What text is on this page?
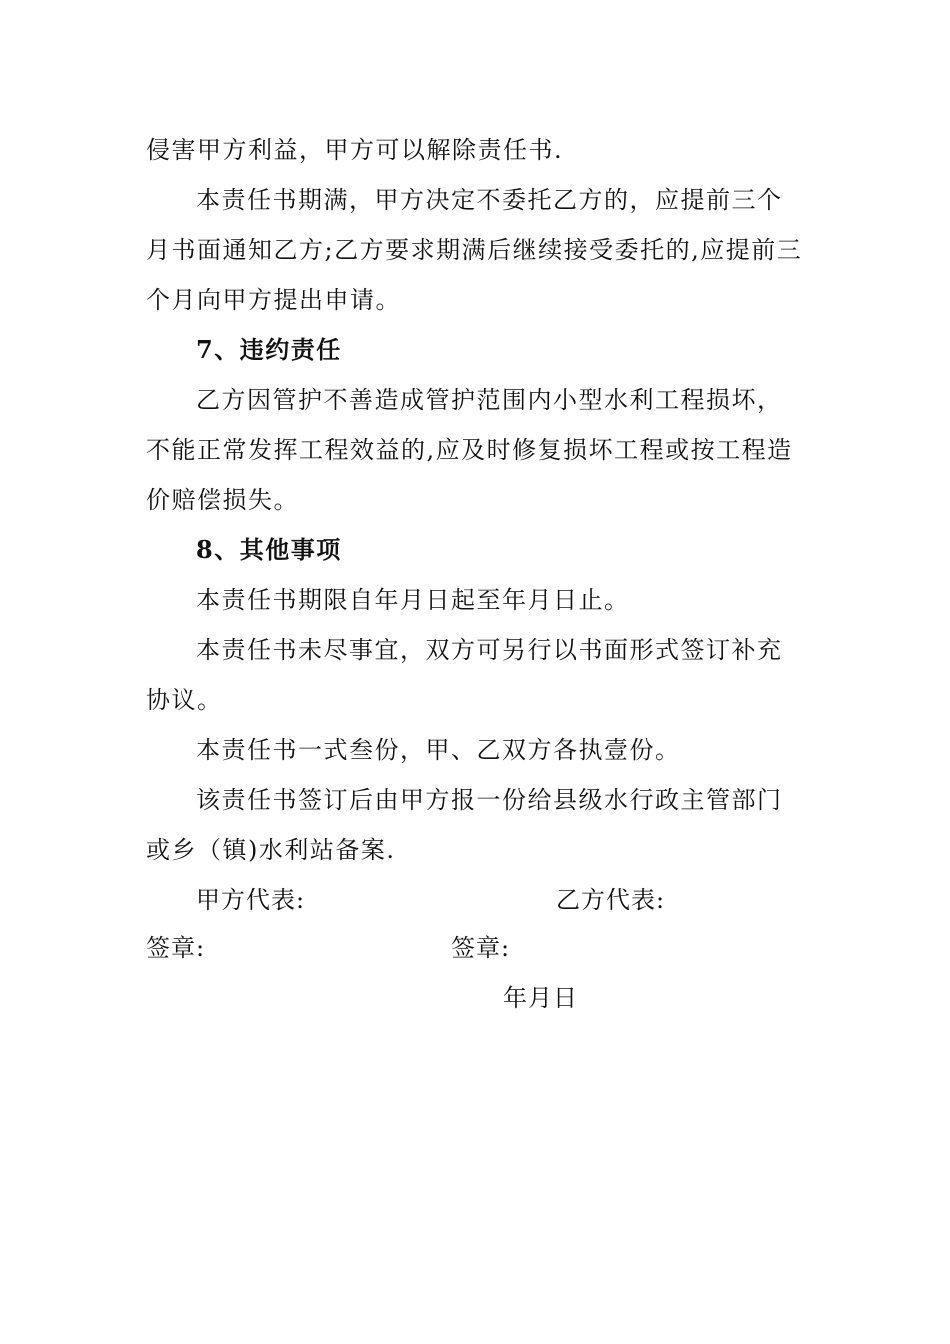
侵害甲方利益，甲方可以解除责任书.
本责任书期满，甲方决定不委托乙方的，应提前三个
月书面通知乙方;乙方要求期满后继续接受委托的,应提前三
个月向甲方提出申请。
7、违约责任
乙方因管护不善造成管护范围内小型水利工程损坏，
不能正常发挥工程效益的,应及时修复损坏工程或按工程造
价赔偿损失。
8、其他事项
本责任书期限自年月日起至年月日止。
本责任书未尽事宜，双方可另行以书面形式签订补充
协议。
本责任书一式叁份，甲、乙双方各执壹份。
该责任书签订后由甲方报一份给县级水行政主管部门
或乡（镇)水利站备案.
甲方代表:	乙方代表:
签章:	签章:
年月日
